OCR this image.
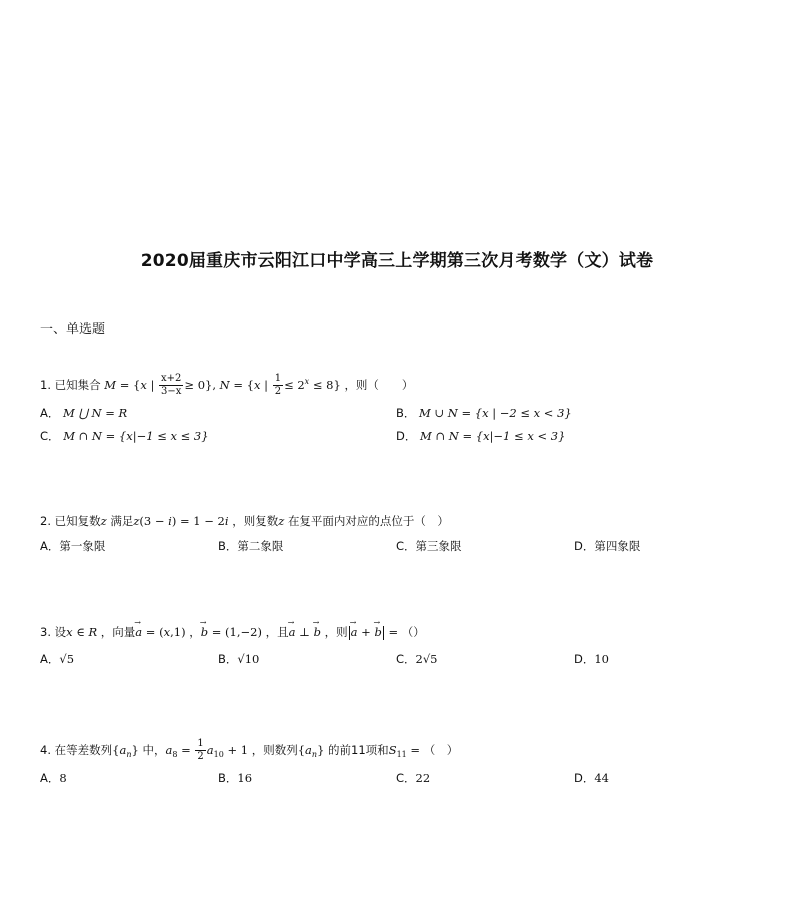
2020届重庆市云阳江口中学高三上学期第三次月考数学（文）试卷
一、单选题
1. 已知集合 M = {x | $\frac{x+2}{3-x} \ge 0$}, N = {x | $\frac{1}{2} \le 2^x \le 8$} ，则（　　）
A． M ⋃ N = R	B． M ∪ N = {x | −2 ≤ x < 3}
C． M ∩ N = {x|−1 ≤ x ≤ 3}	D． M ∩ N = {x|−1 ≤ x < 3}
2. 已知复数z 满足z(3 − i) = 1 − 2i ，则复数z 在复平面内对应的点位于（　）
A．第一象限	B．第二象限	C．第三象限	D．第四象限
3. 设x ∈ R ，向量→ a = (x,1) ，→ b = (1,−2) ，且→ a ⊥ → b ，则→ a + → b = （）
A．√5	B．√10	C．2√5	D．10
4. 在等差数列$\{a_n\}$ 中，$a_8 = \frac{1}{2} a_{10} + 1$ ，则数列$\{a_n\}$ 的前11项和$S_{11}$ = （　）
A．8	B．16	C．22	D．44
